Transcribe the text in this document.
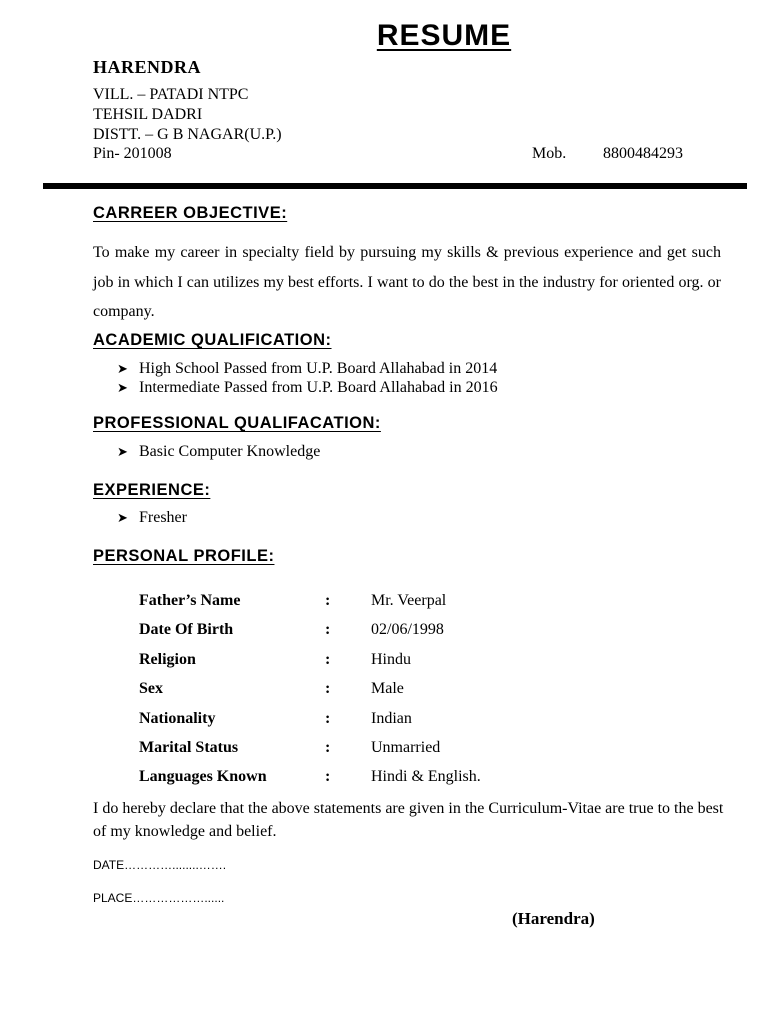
RESUME
HARENDRA
VILL. – PATADI NTPC
TEHSIL DADRI
DISTT. – G B NAGAR(U.P.)
Pin- 201008	Mob. 8800484293
CARREER OBJECTIVE:
To make my career in specialty field by pursuing my skills & previous experience and get such job in which I can utilizes my best efforts. I want to do the best in the industry for oriented org. or company.
ACADEMIC QUALIFICATION:
➤ High School Passed from U.P. Board Allahabad in 2014
➤ Intermediate Passed from U.P. Board Allahabad in 2016
PROFESSIONAL QUALIFACATION:
➤ Basic Computer Knowledge
EXPERIENCE:
➤ Fresher
PERSONAL PROFILE:
Father’s Name	:	Mr. Veerpal
Date Of Birth	:	02/06/1998
Religion	:	Hindu
Sex	:	Male
Nationality	:	Indian
Marital Status	:	Unmarried
Languages Known	:	Hindi & English.
I do hereby declare that the above statements are given in the Curriculum-Vitae are true to the best of my knowledge and belief.
DATE…………........…….
PLACE………………......
(Harendra)
